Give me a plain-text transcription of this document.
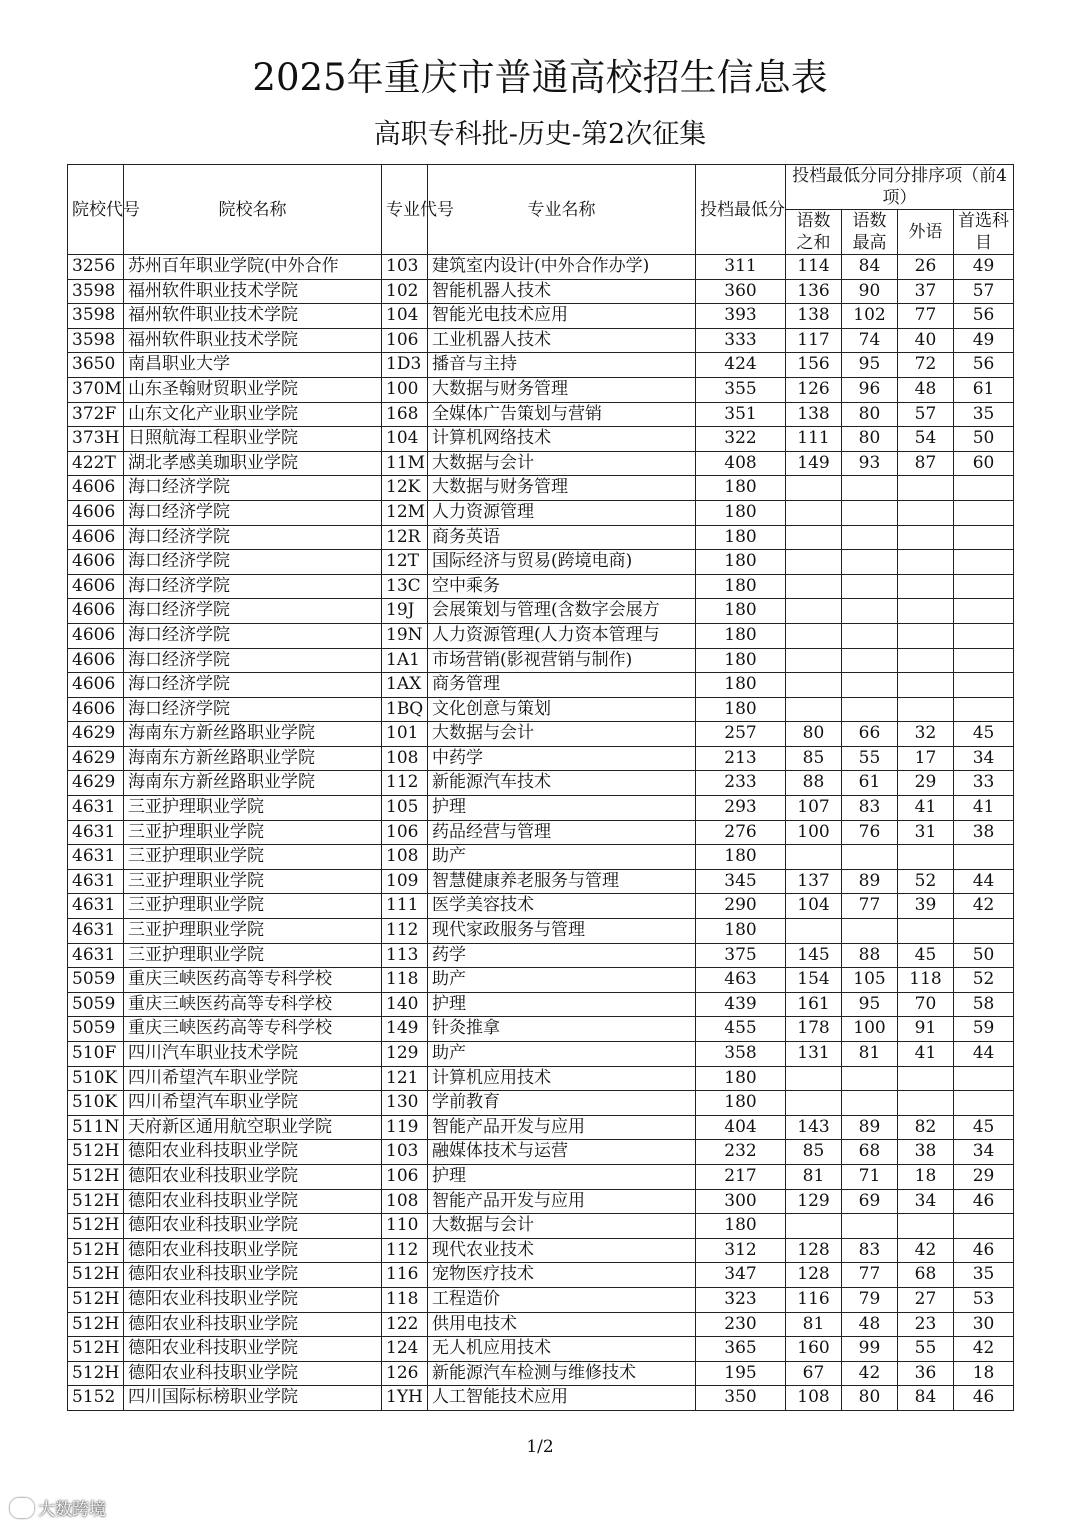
2025年重庆市普通高校招生信息表
高职专科批-历史-第2次征集
院校代号	院校名称	专业代号	专业名称	投档最低分	投档最低分同分排序项（前4项）			
					语数之和	语数最高	外语	首选科目
3256	苏州百年职业学院(中外合作	103	建筑室内设计(中外合作办学)	311	114	84	26	49
3598	福州软件职业技术学院	102	智能机器人技术	360	136	90	37	57
3598	福州软件职业技术学院	104	智能光电技术应用	393	138	102	77	56
3598	福州软件职业技术学院	106	工业机器人技术	333	117	74	40	49
3650	南昌职业大学	1D3	播音与主持	424	156	95	72	56
370M	山东圣翰财贸职业学院	100	大数据与财务管理	355	126	96	48	61
372F	山东文化产业职业学院	168	全媒体广告策划与营销	351	138	80	57	35
373H	日照航海工程职业学院	104	计算机网络技术	322	111	80	54	50
422T	湖北孝感美珈职业学院	11M	大数据与会计	408	149	93	87	60
4606	海口经济学院	12K	大数据与财务管理	180				
4606	海口经济学院	12M	人力资源管理	180				
4606	海口经济学院	12R	商务英语	180				
4606	海口经济学院	12T	国际经济与贸易(跨境电商)	180				
4606	海口经济学院	13C	空中乘务	180				
4606	海口经济学院	19J	会展策划与管理(含数字会展方	180				
4606	海口经济学院	19N	人力资源管理(人力资本管理与	180				
4606	海口经济学院	1A1	市场营销(影视营销与制作)	180				
4606	海口经济学院	1AX	商务管理	180				
4606	海口经济学院	1BQ	文化创意与策划	180				
4629	海南东方新丝路职业学院	101	大数据与会计	257	80	66	32	45
4629	海南东方新丝路职业学院	108	中药学	213	85	55	17	34
4629	海南东方新丝路职业学院	112	新能源汽车技术	233	88	61	29	33
4631	三亚护理职业学院	105	护理	293	107	83	41	41
4631	三亚护理职业学院	106	药品经营与管理	276	100	76	31	38
4631	三亚护理职业学院	108	助产	180				
4631	三亚护理职业学院	109	智慧健康养老服务与管理	345	137	89	52	44
4631	三亚护理职业学院	111	医学美容技术	290	104	77	39	42
4631	三亚护理职业学院	112	现代家政服务与管理	180				
4631	三亚护理职业学院	113	药学	375	145	88	45	50
5059	重庆三峡医药高等专科学校	118	助产	463	154	105	118	52
5059	重庆三峡医药高等专科学校	140	护理	439	161	95	70	58
5059	重庆三峡医药高等专科学校	149	针灸推拿	455	178	100	91	59
510F	四川汽车职业技术学院	129	助产	358	131	81	41	44
510K	四川希望汽车职业学院	121	计算机应用技术	180				
510K	四川希望汽车职业学院	130	学前教育	180				
511N	天府新区通用航空职业学院	119	智能产品开发与应用	404	143	89	82	45
512H	德阳农业科技职业学院	103	融媒体技术与运营	232	85	68	38	34
512H	德阳农业科技职业学院	106	护理	217	81	71	18	29
512H	德阳农业科技职业学院	108	智能产品开发与应用	300	129	69	34	46
512H	德阳农业科技职业学院	110	大数据与会计	180				
512H	德阳农业科技职业学院	112	现代农业技术	312	128	83	42	46
512H	德阳农业科技职业学院	116	宠物医疗技术	347	128	77	68	35
512H	德阳农业科技职业学院	118	工程造价	323	116	79	27	53
512H	德阳农业科技职业学院	122	供用电技术	230	81	48	23	30
512H	德阳农业科技职业学院	124	无人机应用技术	365	160	99	55	42
512H	德阳农业科技职业学院	126	新能源汽车检测与维修技术	195	67	42	36	18
5152	四川国际标榜职业学院	1YH	人工智能技术应用	350	108	80	84	46
1/2
大数跨境
